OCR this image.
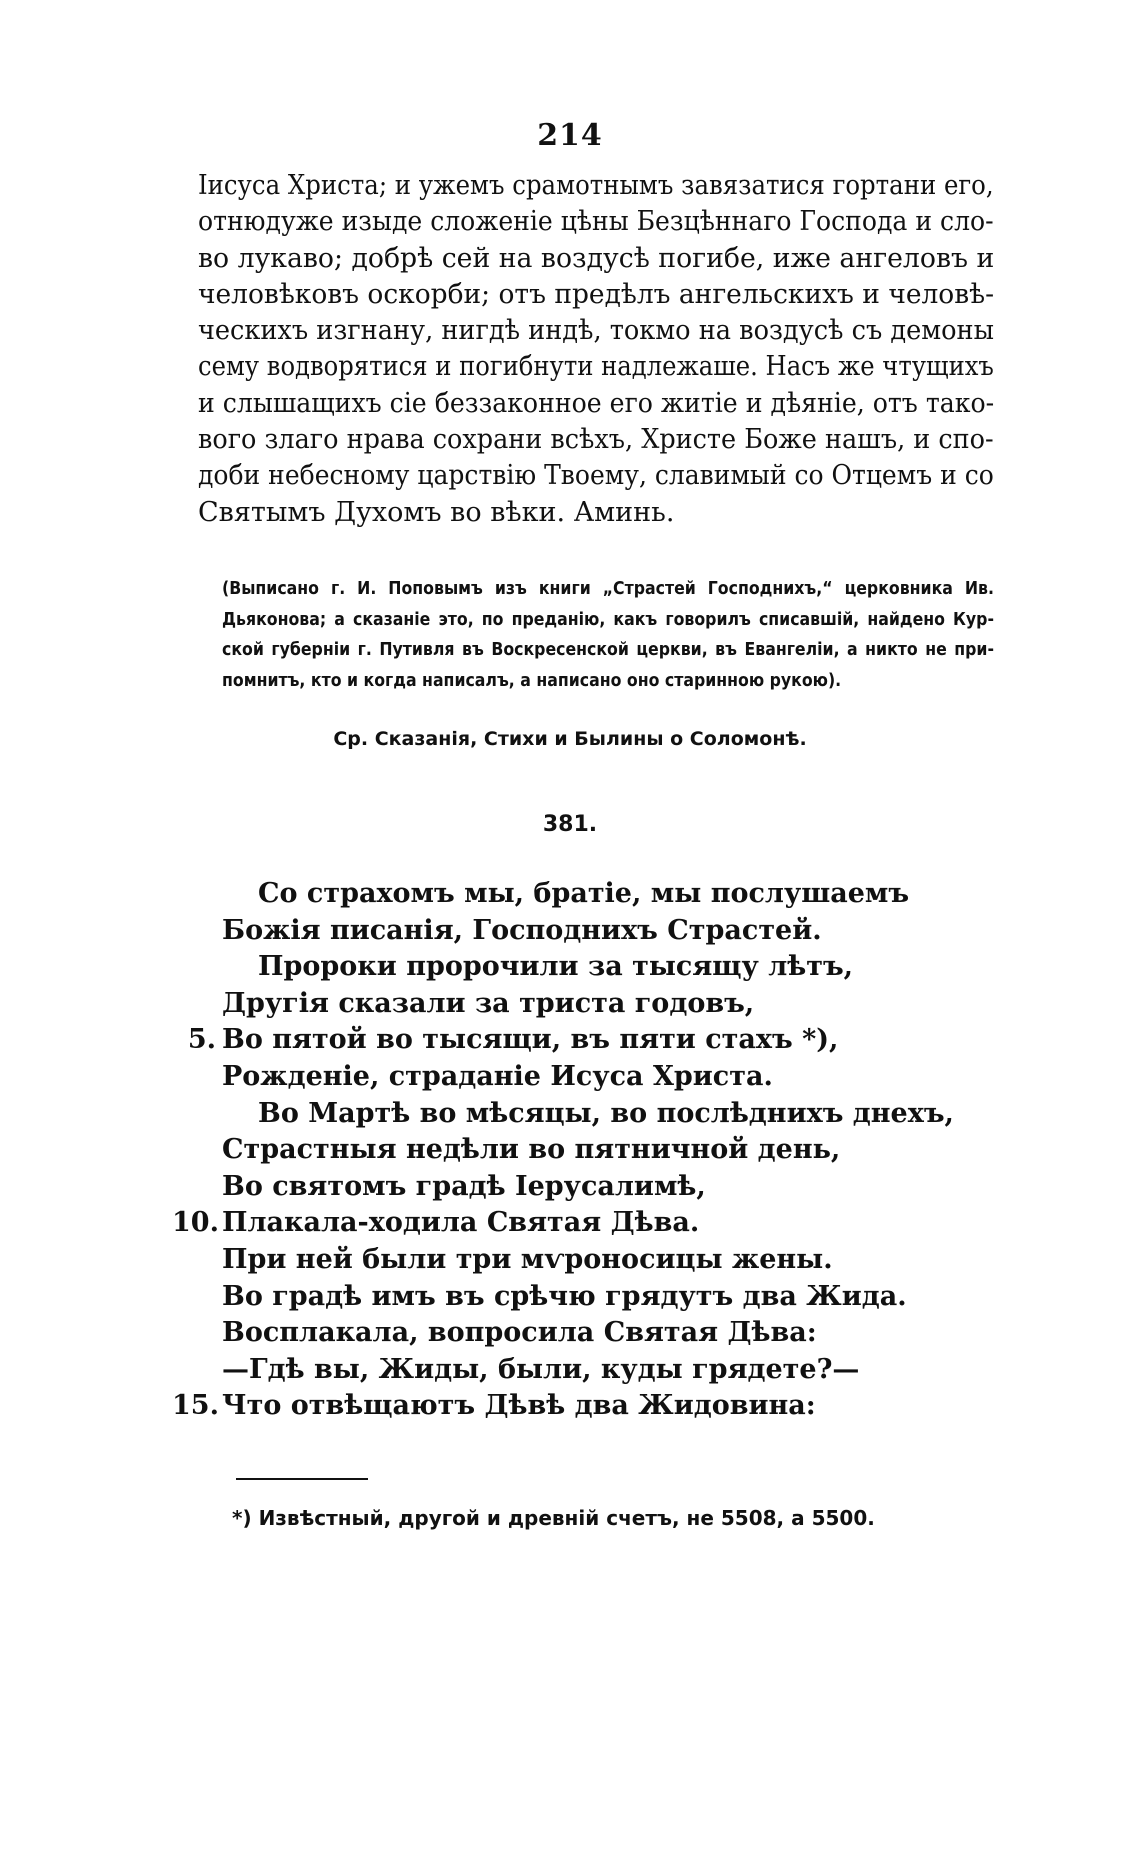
214
Іисуса Христа; и ужемъ срамотнымъ завязатися гортани его,
отнюдуже изыде сложеніе цѣны Безцѣннаго Господа и сло-
во лукаво; добрѣ сей на воздусѣ погибе, иже ангеловъ и
человѣковъ оскорби; отъ предѣлъ ангельскихъ и человѣ-
ческихъ изгнану, нигдѣ индѣ, токмо на воздусѣ съ демоны
сему водворятися и погибнути надлежаше. Насъ же чтущихъ
и слышащихъ сіе беззаконное его житіе и дѣяніе, отъ тако-
вого злаго нрава сохрани всѣхъ, Христе Боже нашъ, и спо-
доби небесному царствію Твоему, славимый со Отцемъ и со
Святымъ Духомъ во вѣки. Аминь.
(Выписано г. И. Поповымъ изъ книги „Страстей Господнихъ,“ церковника Ив.
Дьяконова; а сказаніе это, по преданію, какъ говорилъ списавшій, найдено Кур-
ской губерніи г. Путивля въ Воскресенской церкви, въ Евангеліи, а никто не при-
помнитъ, кто и когда написалъ, а написано оно старинною рукою).
Ср. Сказанія, Стихи и Былины о Соломонѣ.
381.
Со страхомъ мы, братіе, мы послушаемъ
Божія писанія, Господнихъ Страстей.
Пророки пророчили за тысящу лѣтъ,
Другія сказали за триста годовъ,
5. Во пятой во тысящи, въ пяти стахъ *),
Рожденіе, страданіе Исуса Христа.
Во Мартѣ во мѣсяцы, во послѣднихъ днехъ,
Страстныя недѣли во пятничной день,
Во святомъ градѣ Іерусалимѣ,
10. Плакала-ходила Святая Дѣва.
При ней были три мѵроносицы жены.
Во градѣ имъ въ срѣчю грядутъ два Жида.
Восплакала, вопросила Святая Дѣва:
—Гдѣ вы, Жиды, были, куды грядете?—
15. Что отвѣщаютъ Дѣвѣ два Жидовина:
*) Извѣстный, другой и древній счетъ, не 5508, а 5500.
